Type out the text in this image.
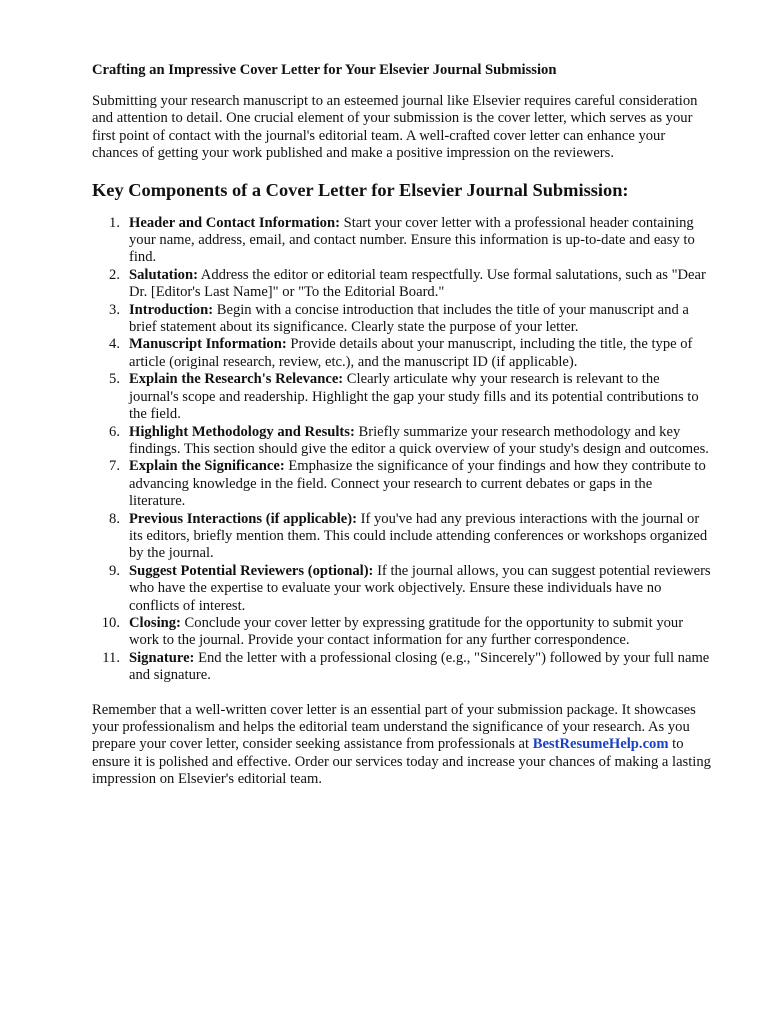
Crafting an Impressive Cover Letter for Your Elsevier Journal Submission

Submitting your research manuscript to an esteemed journal like Elsevier requires careful consideration and attention to detail. One crucial element of your submission is the cover letter, which serves as your first point of contact with the journal's editorial team. A well-crafted cover letter can enhance your chances of getting your work published and make a positive impression on the reviewers.

Key Components of a Cover Letter for Elsevier Journal Submission:
1. Header and Contact Information: Start your cover letter with a professional header containing your name, address, email, and contact number. Ensure this information is up-to-date and easy to find.
2. Salutation: Address the editor or editorial team respectfully. Use formal salutations, such as "Dear Dr. [Editor's Last Name]" or "To the Editorial Board."
3. Introduction: Begin with a concise introduction that includes the title of your manuscript and a brief statement about its significance. Clearly state the purpose of your letter.
4. Manuscript Information: Provide details about your manuscript, including the title, the type of article (original research, review, etc.), and the manuscript ID (if applicable).
5. Explain the Research's Relevance: Clearly articulate why your research is relevant to the journal's scope and readership. Highlight the gap your study fills and its potential contributions to the field.
6. Highlight Methodology and Results: Briefly summarize your research methodology and key findings. This section should give the editor a quick overview of your study's design and outcomes.
7. Explain the Significance: Emphasize the significance of your findings and how they contribute to advancing knowledge in the field. Connect your research to current debates or gaps in the literature.
8. Previous Interactions (if applicable): If you've had any previous interactions with the journal or its editors, briefly mention them. This could include attending conferences or workshops organized by the journal.
9. Suggest Potential Reviewers (optional): If the journal allows, you can suggest potential reviewers who have the expertise to evaluate your work objectively. Ensure these individuals have no conflicts of interest.
10. Closing: Conclude your cover letter by expressing gratitude for the opportunity to submit your work to the journal. Provide your contact information for any further correspondence.
11. Signature: End the letter with a professional closing (e.g., "Sincerely") followed by your full name and signature.

Remember that a well-written cover letter is an essential part of your submission package. It showcases your professionalism and helps the editorial team understand the significance of your research. As you prepare your cover letter, consider seeking assistance from professionals at BestResumeHelp.com to ensure it is polished and effective. Order our services today and increase your chances of making a lasting impression on Elsevier's editorial team.
